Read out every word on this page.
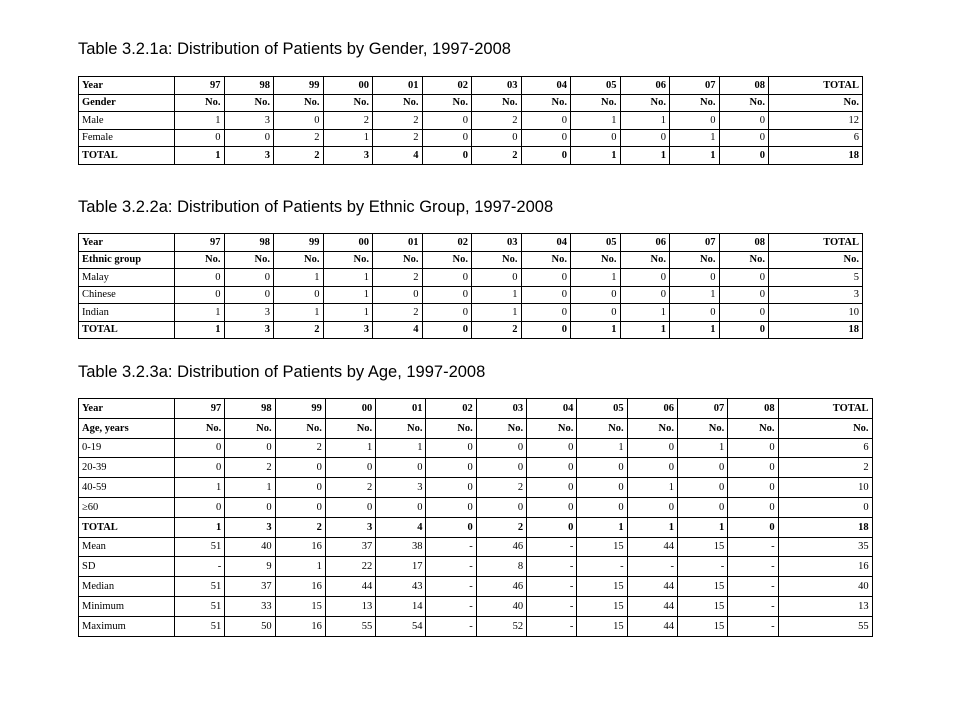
Table 3.2.1a: Distribution of Patients by Gender, 1997-2008
Year	97	98	99	00	01	02	03	04	05	06	07	08	TOTAL
Gender	No.	No.	No.	No.	No.	No.	No.	No.	No.	No.	No.	No.	No.
Male	1	3	0	2	2	0	2	0	1	1	0	0	12
Female	0	0	2	1	2	0	0	0	0	0	1	0	6
TOTAL	1	3	2	3	4	0	2	0	1	1	1	0	18
Table 3.2.2a: Distribution of Patients by Ethnic Group, 1997-2008
Year	97	98	99	00	01	02	03	04	05	06	07	08	TOTAL
Ethnic group	No.	No.	No.	No.	No.	No.	No.	No.	No.	No.	No.	No.	No.
Malay	0	0	1	1	2	0	0	0	1	0	0	0	5
Chinese	0	0	0	1	0	0	1	0	0	0	1	0	3
Indian	1	3	1	1	2	0	1	0	0	1	0	0	10
TOTAL	1	3	2	3	4	0	2	0	1	1	1	0	18
Table 3.2.3a: Distribution of Patients by Age, 1997-2008
Year	97	98	99	00	01	02	03	04	05	06	07	08	TOTAL
Age, years	No.	No.	No.	No.	No.	No.	No.	No.	No.	No.	No.	No.	No.
0-19	0	0	2	1	1	0	0	0	1	0	1	0	6
20-39	0	2	0	0	0	0	0	0	0	0	0	0	2
40-59	1	1	0	2	3	0	2	0	0	1	0	0	10
≥60	0	0	0	0	0	0	0	0	0	0	0	0	0
TOTAL	1	3	2	3	4	0	2	0	1	1	1	0	18
Mean	51	40	16	37	38	-	46	-	15	44	15	-	35
SD	-	9	1	22	17	-	8	-	-	-	-	-	16
Median	51	37	16	44	43	-	46	-	15	44	15	-	40
Minimum	51	33	15	13	14	-	40	-	15	44	15	-	13
Maximum	51	50	16	55	54	-	52	-	15	44	15	-	55
